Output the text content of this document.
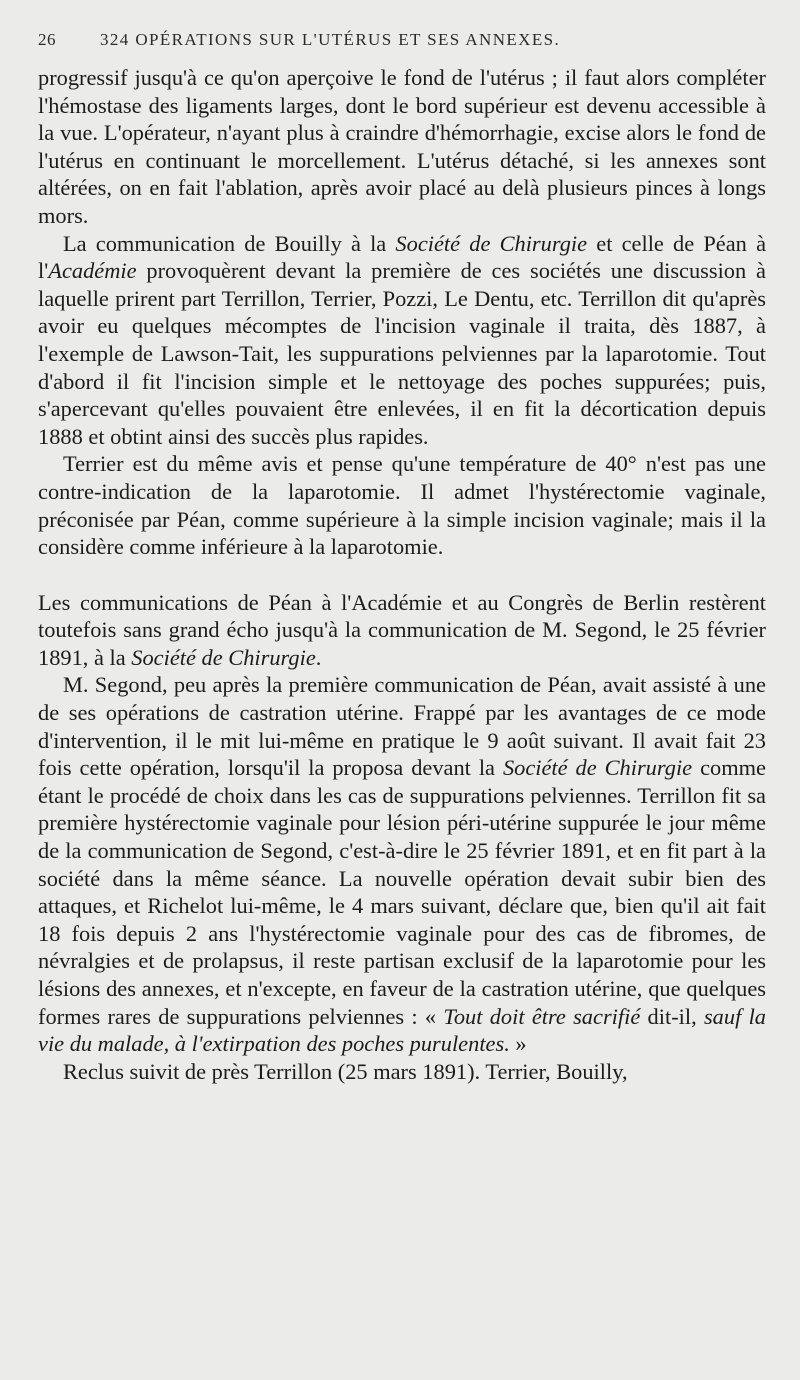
26	324 OPÉRATIONS SUR L'UTÉRUS ET SES ANNEXES.

progressif jusqu'à ce qu'on aperçoive le fond de l'utérus ; il faut alors compléter l'hémostase des ligaments larges, dont le bord supérieur est devenu accessible à la vue. L'opérateur, n'ayant plus à craindre d'hémorrhagie, excise alors le fond de l'utérus en continuant le morcellement. L'utérus détaché, si les annexes sont altérées, on en fait l'ablation, après avoir placé au delà plusieurs pinces à longs mors.

La communication de Bouilly à la Société de Chirurgie et celle de Péan à l'Académie provoquèrent devant la première de ces sociétés une discussion à laquelle prirent part Terrillon, Terrier, Pozzi, Le Dentu, etc. Terrillon dit qu'après avoir eu quelques mécomptes de l'incision vaginale il traita, dès 1887, à l'exemple de Lawson-Tait, les suppurations pelviennes par la laparotomie. Tout d'abord il fit l'incision simple et le nettoyage des poches suppurées; puis, s'apercevant qu'elles pouvaient être enlevées, il en fit la décortication depuis 1888 et obtint ainsi des succès plus rapides.

Terrier est du même avis et pense qu'une température de 40° n'est pas une contre-indication de la laparotomie. Il admet l'hystérectomie vaginale, préconisée par Péan, comme supérieure à la simple incision vaginale; mais il la considère comme inférieure à la laparotomie.

Les communications de Péan à l'Académie et au Congrès de Berlin restèrent toutefois sans grand écho jusqu'à la communication de M. Segond, le 25 février 1891, à la Société de Chirurgie.

M. Segond, peu après la première communication de Péan, avait assisté à une de ses opérations de castration utérine. Frappé par les avantages de ce mode d'intervention, il le mit lui-même en pratique le 9 août suivant. Il avait fait 23 fois cette opération, lorsqu'il la proposa devant la Société de Chirurgie comme étant le procédé de choix dans les cas de suppurations pelviennes. Terrillon fit sa première hystérectomie vaginale pour lésion péri-utérine suppurée le jour même de la communication de Segond, c'est-à-dire le 25 février 1891, et en fit part à la société dans la même séance. La nouvelle opération devait subir bien des attaques, et Richelot lui-même, le 4 mars suivant, déclare que, bien qu'il ait fait 18 fois depuis 2 ans l'hystérectomie vaginale pour des cas de fibromes, de névralgies et de prolapsus, il reste partisan exclusif de la laparotomie pour les lésions des annexes, et n'excepte, en faveur de la castration utérine, que quelques formes rares de suppurations pelviennes : « Tout doit être sacrifié dit-il, sauf la vie du malade, à l'extirpation des poches purulentes. »

Reclus suivit de près Terrillon (25 mars 1891). Terrier, Bouilly,
